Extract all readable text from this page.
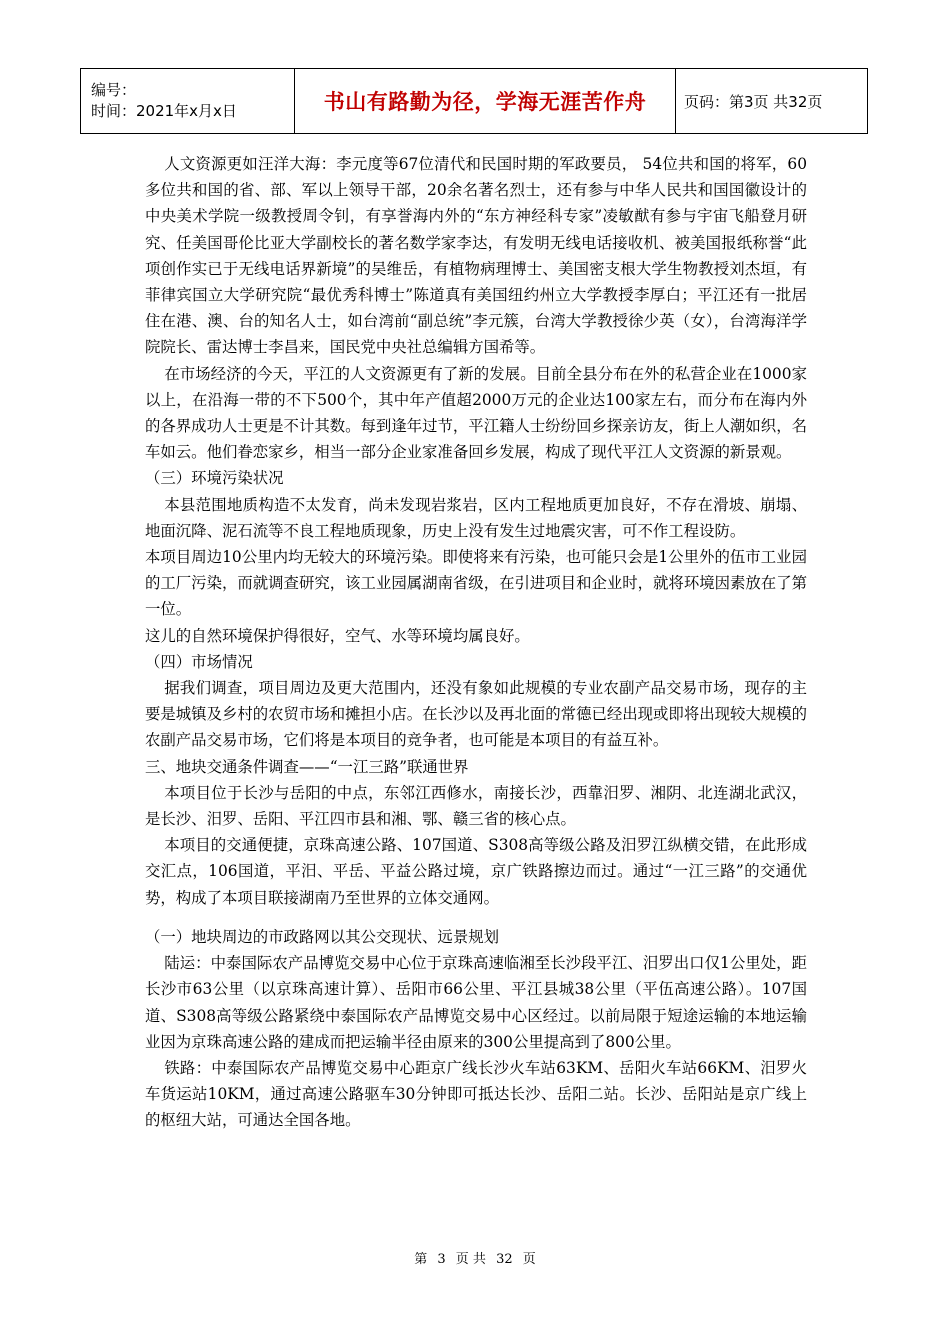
编号：
时间：2021年x月x日	书山有路勤为径，学海无涯苦作舟	页码：第3页 共32页

人文资源更如汪洋大海：李元度等67位清代和民国时期的军政要员， 54位共和国的将军，60多位共和国的省、部、军以上领导干部，20余名著名烈士，还有参与中华人民共和国国徽设计的中央美术学院一级教授周令钊，有享誉海内外的“东方神经科专家”凌敏猷有参与宇宙飞船登月研究、任美国哥伦比亚大学副校长的著名数学家李达，有发明无线电话接收机、被美国报纸称誉“此项创作实已于无线电话界新境”的吴维岳，有植物病理博士、美国密支根大学生物教授刘杰垣，有菲律宾国立大学研究院“最优秀科博士”陈道真有美国纽约州立大学教授李厚白；平江还有一批居住在港、澳、台的知名人士，如台湾前“副总统”李元簇，台湾大学教授徐少英（女），台湾海洋学院院长、雷达博士李昌来，国民党中央社总编辑方国希等。

在市场经济的今天，平江的人文资源更有了新的发展。目前全县分布在外的私营企业在1000家以上，在沿海一带的不下500个，其中年产值超2000万元的企业达100家左右，而分布在海内外的各界成功人士更是不计其数。每到逢年过节，平江籍人士纷纷回乡探亲访友，街上人潮如织，名车如云。他们眷恋家乡，相当一部分企业家准备回乡发展，构成了现代平江人文资源的新景观。

（三）环境污染状况

本县范围地质构造不太发育，尚未发现岩浆岩，区内工程地质更加良好，不存在滑坡、崩塌、地面沉降、泥石流等不良工程地质现象，历史上没有发生过地震灾害，可不作工程设防。

本项目周边10公里内均无较大的环境污染。即使将来有污染，也可能只会是1公里外的伍市工业园的工厂污染，而就调查研究，该工业园属湖南省级，在引进项目和企业时，就将环境因素放在了第一位。

这儿的自然环境保护得很好，空气、水等环境均属良好。

（四）市场情况

据我们调查，项目周边及更大范围内，还没有象如此规模的专业农副产品交易市场，现存的主要是城镇及乡村的农贸市场和摊担小店。在长沙以及再北面的常德已经出现或即将出现较大规模的农副产品交易市场，它们将是本项目的竞争者，也可能是本项目的有益互补。

三、地块交通条件调查——“一江三路”联通世界

本项目位于长沙与岳阳的中点，东邻江西修水，南接长沙，西靠汨罗、湘阴、北连湖北武汉，是长沙、汨罗、岳阳、平江四市县和湘、鄂、赣三省的核心点。

本项目的交通便捷，京珠高速公路、107国道、S308高等级公路及汨罗江纵横交错，在此形成交汇点，106国道，平汨、平岳、平益公路过境，京广铁路擦边而过。通过“一江三路”的交通优势，构成了本项目联接湖南乃至世界的立体交通网。

（一）地块周边的市政路网以其公交现状、远景规划

陆运：中泰国际农产品博览交易中心位于京珠高速临湘至长沙段平江、汨罗出口仅1公里处，距长沙市63公里（以京珠高速计算）、岳阳市66公里、平江县城38公里（平伍高速公路）。107国道、S308高等级公路紧绕中泰国际农产品博览交易中心区经过。以前局限于短途运输的本地运输业因为京珠高速公路的建成而把运输半径由原来的300公里提高到了800公里。

铁路：中泰国际农产品博览交易中心距京广线长沙火车站63KM、岳阳火车站66KM、汨罗火车货运站10KM，通过高速公路驱车30分钟即可抵达长沙、岳阳二站。长沙、岳阳站是京广线上的枢纽大站，可通达全国各地。

第 3 页 共 32 页
